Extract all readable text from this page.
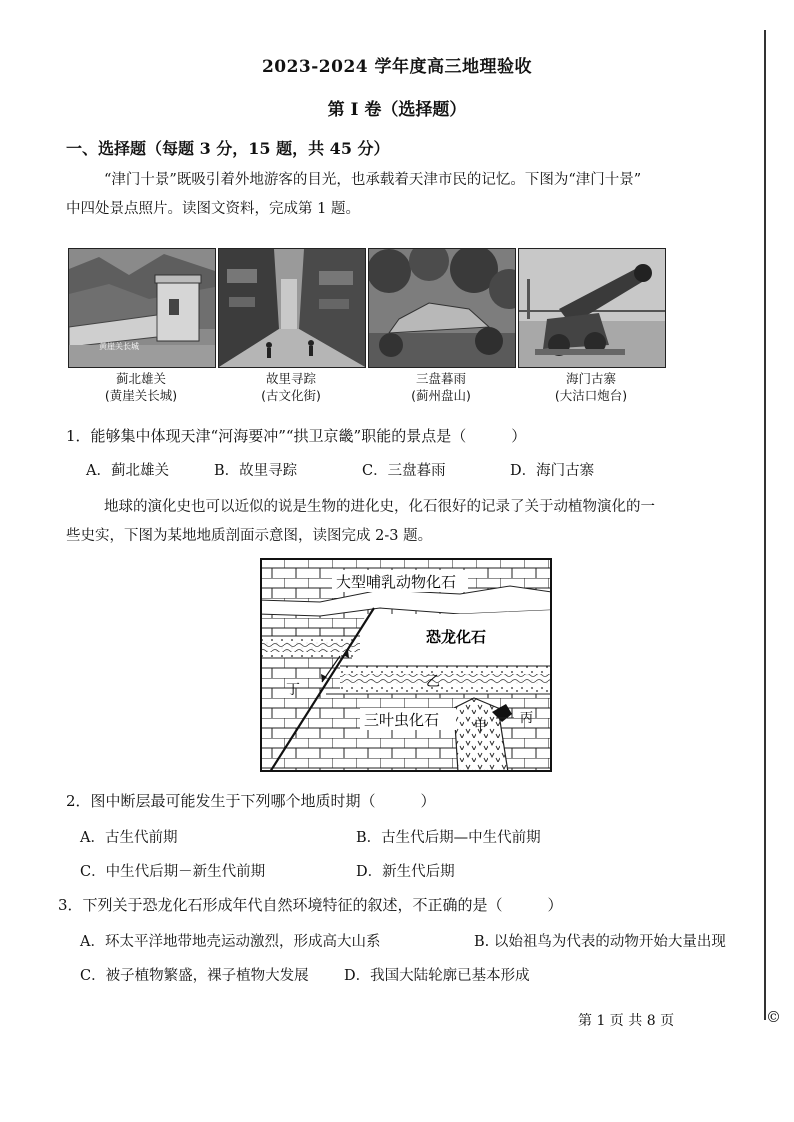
2023-2024 学年度高三地理验收
第 I 卷（选择题）
一、选择题（每题 3 分，15 题，共 45 分）
“津门十景”既吸引着外地游客的目光，也承载着天津市民的记忆。下图为“津门十景”
中四处景点照片。读图文资料，完成第 1 题。
黄崖关长城
蓟北雄关
(黄崖关长城)
故里寻踪
(古文化街)
三盘暮雨
(蓟州盘山)
海门古寨
(大沽口炮台)
1．能够集中体现天津“河海要冲”“拱卫京畿”职能的景点是（　　　）
A．蓟北雄关	B．故里寻踪	C．三盘暮雨	D．海门古寨
地球的演化史也可以近似的说是生物的进化史，化石很好的记录了关于动植物演化的一
些史实，下图为某地地质剖面示意图，读图完成 2-3 题。
大型哺乳动物化石
恐龙化石
乙
丁
三叶虫化石	甲
丙
2．图中断层最可能发生于下列哪个地质时期（　　　）
A．古生代前期	B．古生代后期—中生代前期
C．中生代后期－新生代前期	D．新生代后期
3．下列关于恐龙化石形成年代自然环境特征的叙述，不正确的是（　　　）
A．环太平洋地带地壳运动激烈，形成高大山系	B. 以始祖鸟为代表的动物开始大量出现
C．被子植物繁盛，裸子植物大发展 D．我国大陆轮廓已基本形成
第 1 页 共 8 页	©
